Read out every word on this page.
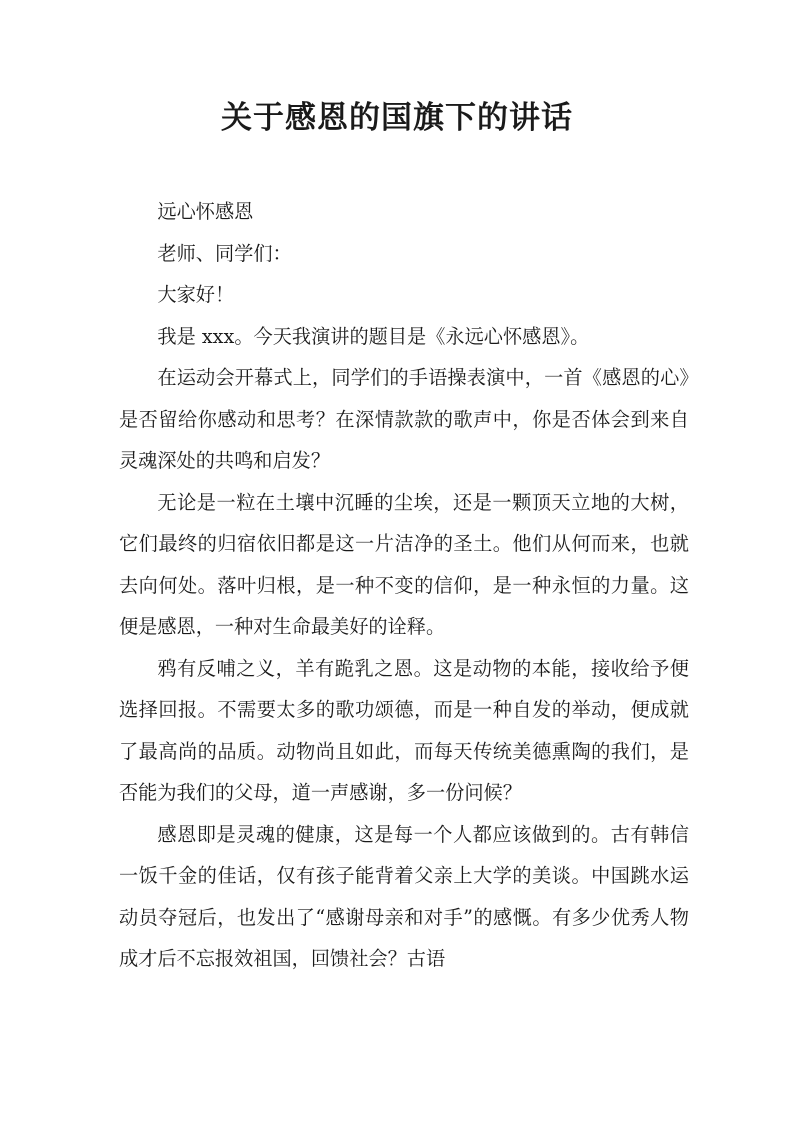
关于感恩的国旗下的讲话

远心怀感恩

老师、同学们：

大家好！

我是 xxx。今天我演讲的题目是《永远心怀感恩》。

在运动会开幕式上，同学们的手语操表演中，一首《感恩的心》是否留给你感动和思考？在深情款款的歌声中，你是否体会到来自灵魂深处的共鸣和启发？

无论是一粒在土壤中沉睡的尘埃，还是一颗顶天立地的大树，它们最终的归宿依旧都是这一片洁净的圣土。他们从何而来，也就去向何处。落叶归根，是一种不变的信仰，是一种永恒的力量。这便是感恩，一种对生命最美好的诠释。

鸦有反哺之义，羊有跪乳之恩。这是动物的本能，接收给予便选择回报。不需要太多的歌功颂德，而是一种自发的举动，便成就了最高尚的品质。动物尚且如此，而每天传统美德熏陶的我们，是否能为我们的父母，道一声感谢，多一份问候？

感恩即是灵魂的健康，这是每一个人都应该做到的。古有韩信一饭千金的佳话，仅有孩子能背着父亲上大学的美谈。中国跳水运动员夺冠后，也发出了“感谢母亲和对手”的感慨。有多少优秀人物成才后不忘报效祖国，回馈社会？古语
